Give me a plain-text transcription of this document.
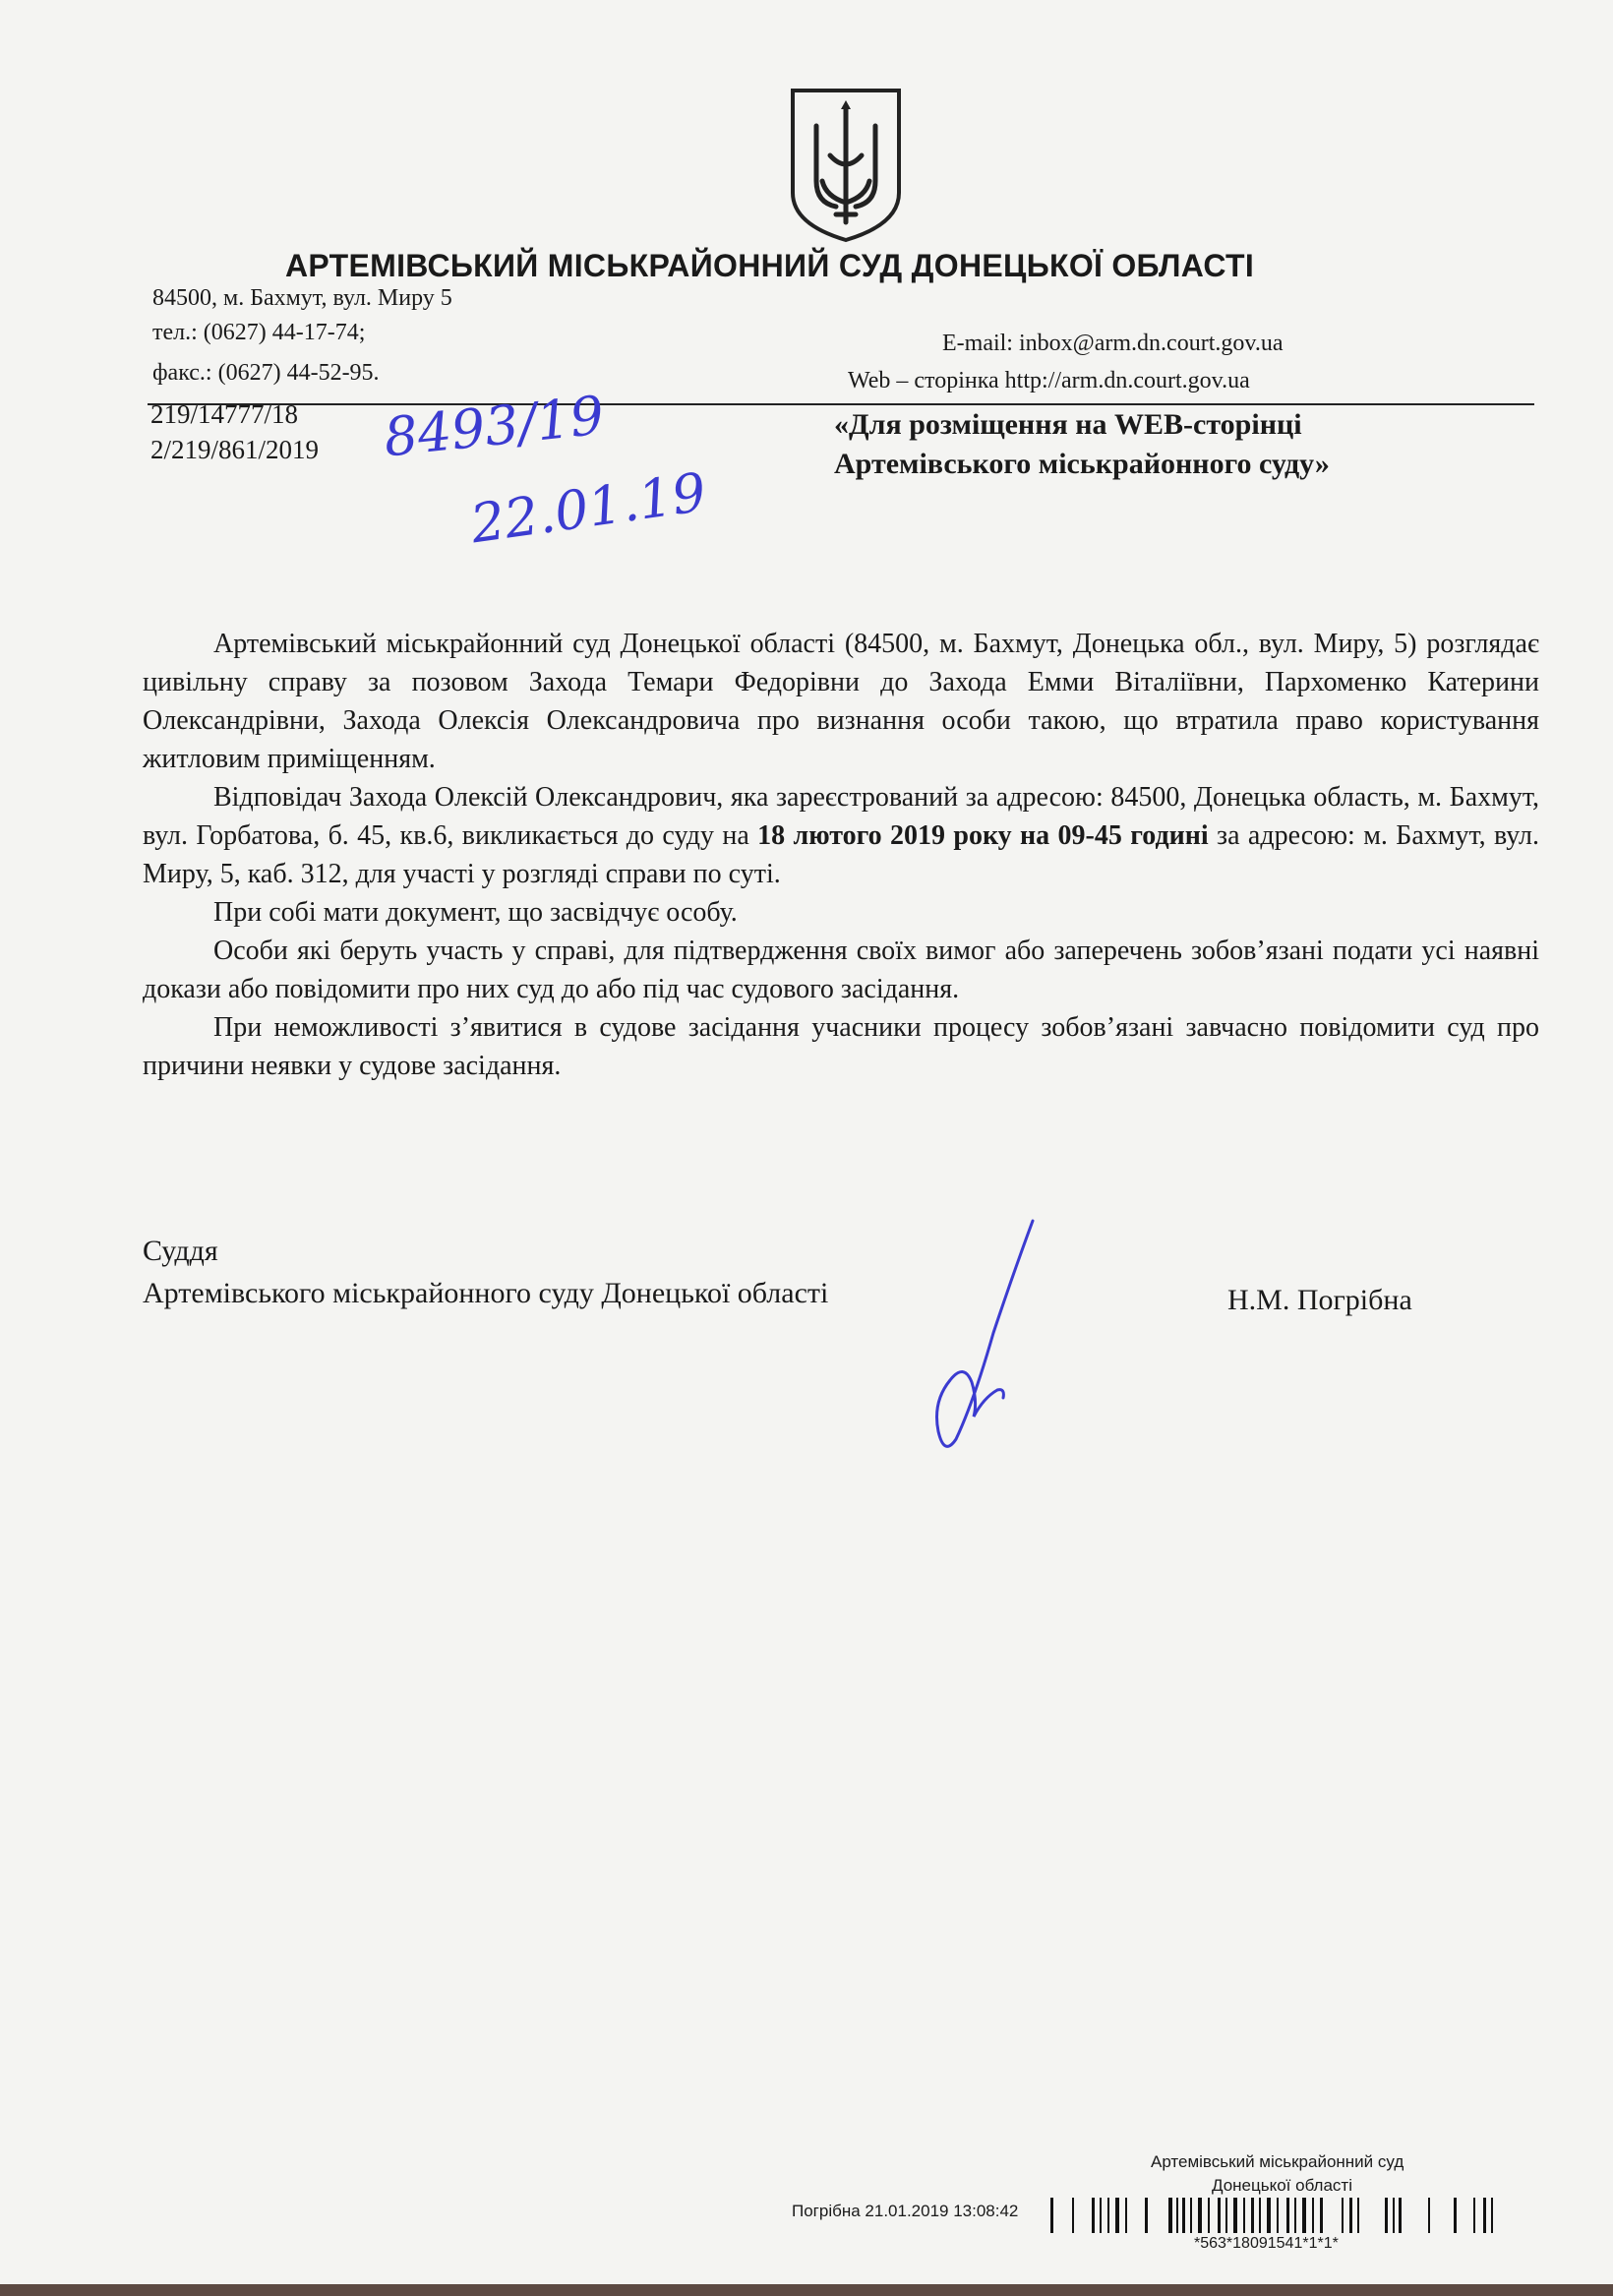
АРТЕМІВСЬКИЙ МІСЬКРАЙОННИЙ СУД ДОНЕЦЬКОЇ ОБЛАСТІ
84500, м. Бахмут, вул. Миру 5
тел.: (0627) 44-17-74;
факс.: (0627) 44-52-95.
E-mail: inbox@arm.dn.court.gov.ua
Web – сторінка http://arm.dn.court.gov.ua
219/14777/18
2/219/861/2019 8493/19
22.01.19
«Для розміщення на WEB-сторінці
Артемівського міськрайонного суду»

Артемівський міськрайонний суд Донецької області (84500, м. Бахмут, Донецька обл., вул. Миру, 5) розглядає цивільну справу за позовом Захода Темари Федорівни до Захода Емми Віталіївни, Пархоменко Катерини Олександрівни, Захода Олексія Олександровича про визнання особи такою, що втратила право користування житловим приміщенням.

Відповідач Захода Олексій Олександрович, яка зареєстрований за адресою: 84500, Донецька область, м. Бахмут, вул. Горбатова, б. 45, кв.6, викликається до суду на 18 лютого 2019 року на 09-45 годині за адресою: м. Бахмут, вул. Миру, 5, каб. 312, для участі у розгляді справи по суті.

При собі мати документ, що засвідчує особу.

Особи які беруть участь у справі, для підтвердження своїх вимог або заперечень зобов’язані подати усі наявні докази або повідомити про них суд до або під час судового засідання.

При неможливості з’явитися в судове засідання учасники процесу зобов’язані завчасно повідомити суд про причини неявки у судове засідання.

Суддя
Артемівського міськрайонного суду Донецької області	Н.М. Погрібна
Артемівський міськрайонний суд
Донецької області
Погрібна 21.01.2019 13:08:42
*563*18091541*1*1*
